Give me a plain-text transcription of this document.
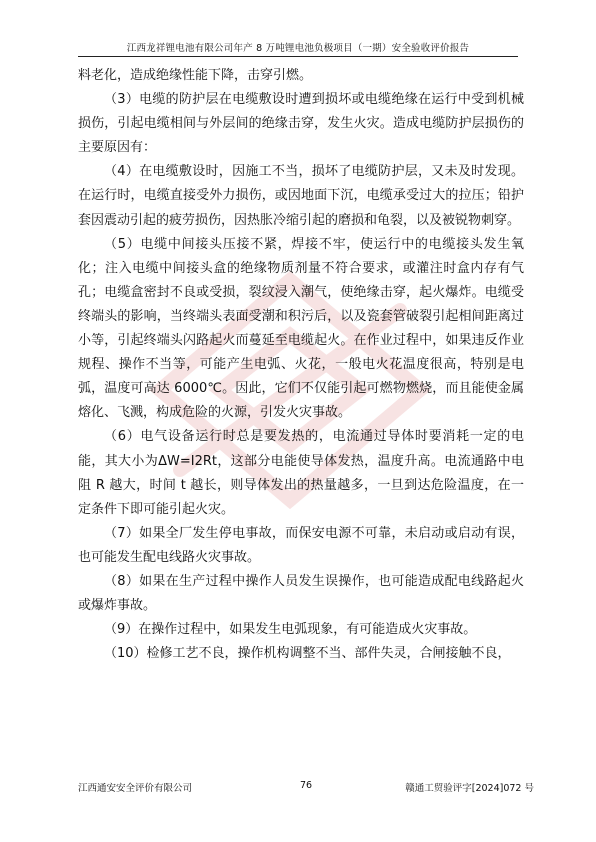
江西龙祥锂电池有限公司年产 8 万吨锂电池负极项目（一期）安全验收评价报告

料老化，造成绝缘性能下降，击穿引燃。

（3）电缆的防护层在电缆敷设时遭到损坏或电缆绝缘在运行中受到机械损伤，引起电缆相间与外层间的绝缘击穿，发生火灾。造成电缆防护层损伤的主要原因有：

（4）在电缆敷设时，因施工不当，损坏了电缆防护层，又未及时发现。在运行时，电缆直接受外力损伤，或因地面下沉，电缆承受过大的拉压；铅护套因震动引起的疲劳损伤，因热胀冷缩引起的磨损和龟裂，以及被锐物刺穿。

（5）电缆中间接头压接不紧，焊接不牢，使运行中的电缆接头发生氧化；注入电缆中间接头盒的绝缘物质剂量不符合要求，或灌注时盒内存有气孔；电缆盒密封不良或受损，裂纹浸入潮气，使绝缘击穿，起火爆炸。电缆受终端头的影响，当终端头表面受潮和积污后，以及瓷套管破裂引起相间距离过小等，引起终端头闪路起火而蔓延至电缆起火。在作业过程中，如果违反作业规程、操作不当等，可能产生电弧、火花，一般电火花温度很高，特别是电弧，温度可高达 6000℃。因此，它们不仅能引起可燃物燃烧，而且能使金属熔化、飞溅，构成危险的火源，引发火灾事故。

（6）电气设备运行时总是要发热的，电流通过导体时要消耗一定的电能，其大小为ΔW=I2Rt，这部分电能使导体发热，温度升高。电流通路中电阻 R 越大，时间 t 越长，则导体发出的热量越多，一旦到达危险温度，在一定条件下即可能引起火灾。

（7）如果全厂发生停电事故，而保安电源不可靠，未启动或启动有误，也可能发生配电线路火灾事故。

（8）如果在生产过程中操作人员发生误操作，也可能造成配电线路起火或爆炸事故。

（9）在操作过程中，如果发生电弧现象，有可能造成火灾事故。

（10）检修工艺不良，操作机构调整不当、部件失灵，合闸接触不良，

江西通安安全评价有限公司	76	赣通工贸验评字[2024]072 号
